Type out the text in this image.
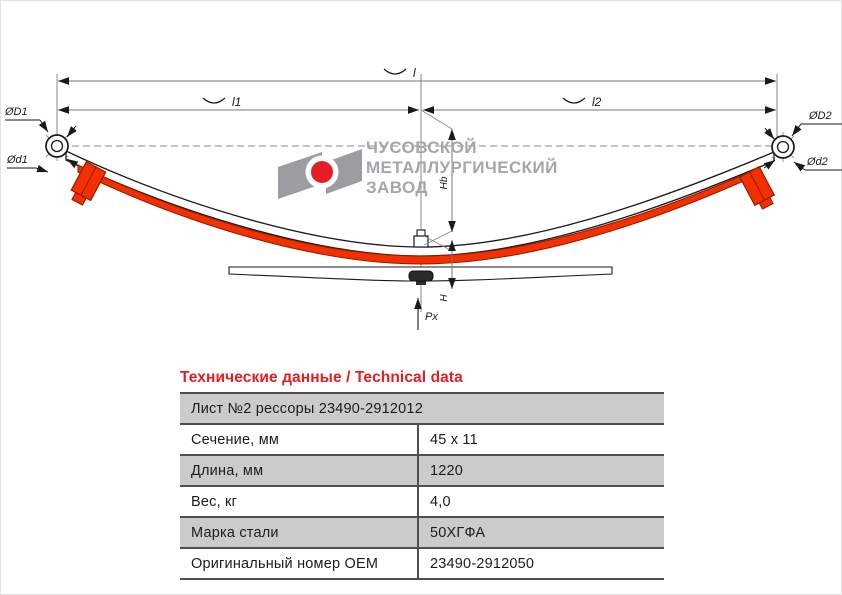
l
l1	l2
ØD1
Ød1
ØD2
Ød2
Hb
H
Px
ЧУСОВСКОЙ
МЕТАЛЛУРГИЧЕСКИЙ
ЗАВОД
Технические данные / Technical data
Лист №2 рессоры 23490-2912012
Сечение, мм	45 x 11
Длина, мм	1220
Вес, кг	4,0
Марка стали	50ХГФА
Оригинальный номер OEM	23490-2912050
